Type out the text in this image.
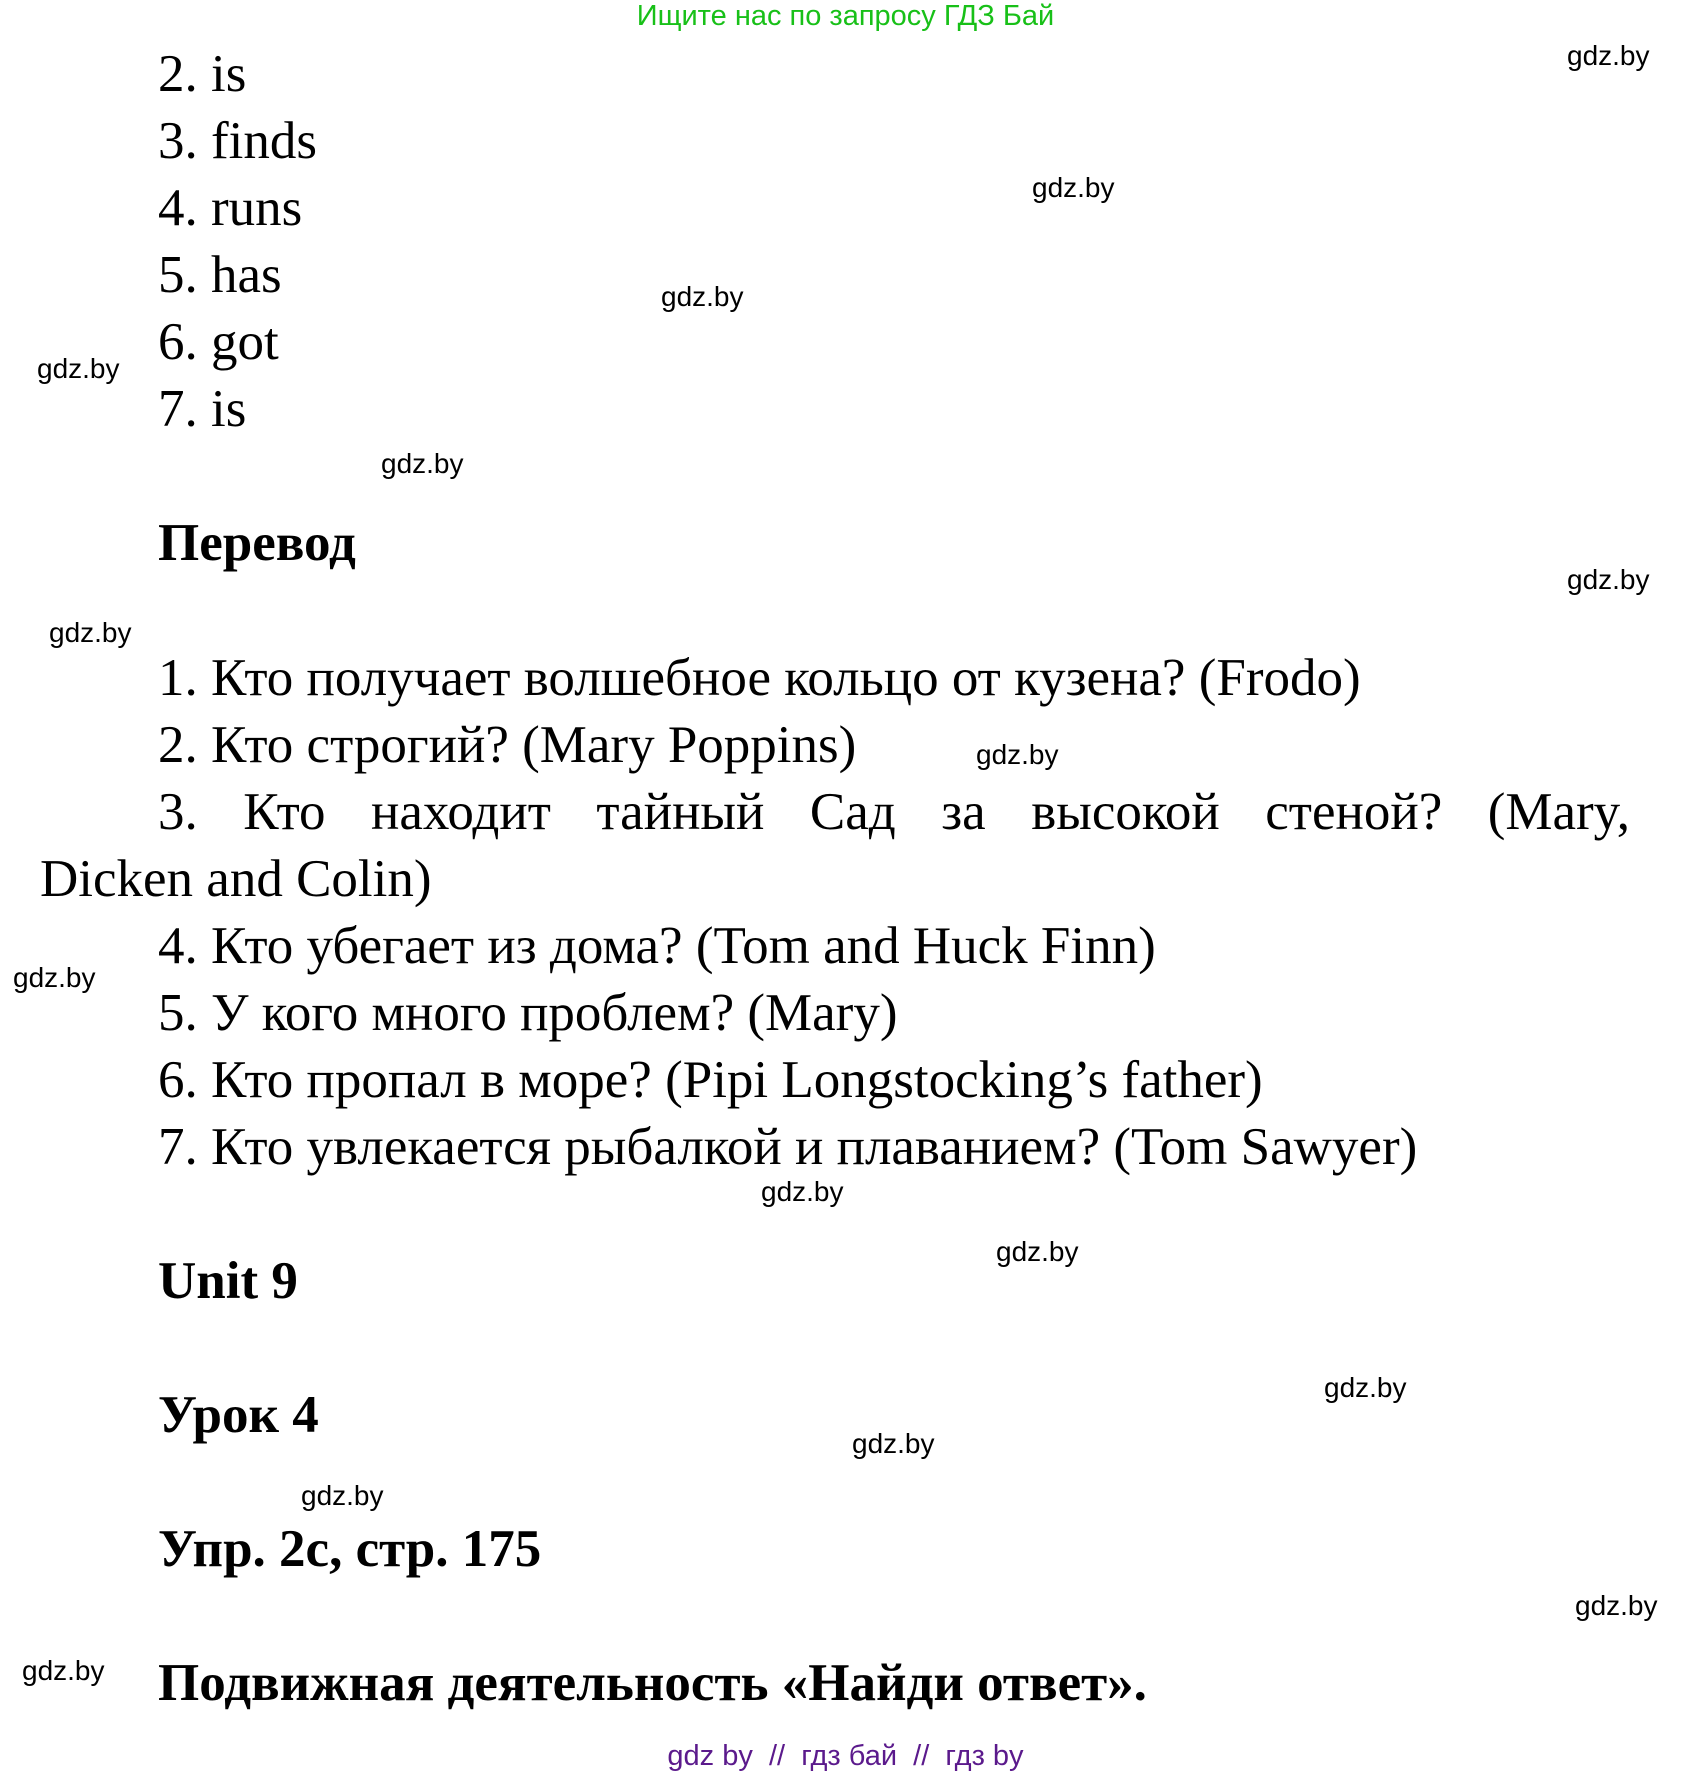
Ищите нас по запросу ГДЗ Бай
2. is
3. finds
4. runs
5. has
6. got
7. is
Перевод
1. Кто получает волшебное кольцо от кузена? (Frodo)
2. Кто строгий? (Mary Poppins)
3. Кто находит тайный Сад за высокой стеной? (Mary,
Dicken and Colin)
4. Кто убегает из дома? (Tom and Huck Finn)
5. У кого много проблем? (Mary)
6. Кто пропал в море? (Pipi Longstocking’s father)
7. Кто увлекается рыбалкой и плаванием? (Tom Sawyer)
Unit 9
Урок 4
Упр. 2c, стр. 175
Подвижная деятельность «Найди ответ».
gdz.by
gdz.by
gdz.by
gdz.by
gdz.by
gdz.by
gdz.by
gdz.by
gdz.by
gdz.by
gdz.by
gdz.by
gdz.by
gdz.by
gdz.by
gdz.by
gdz by  //  гдз бай  //  гдз by
